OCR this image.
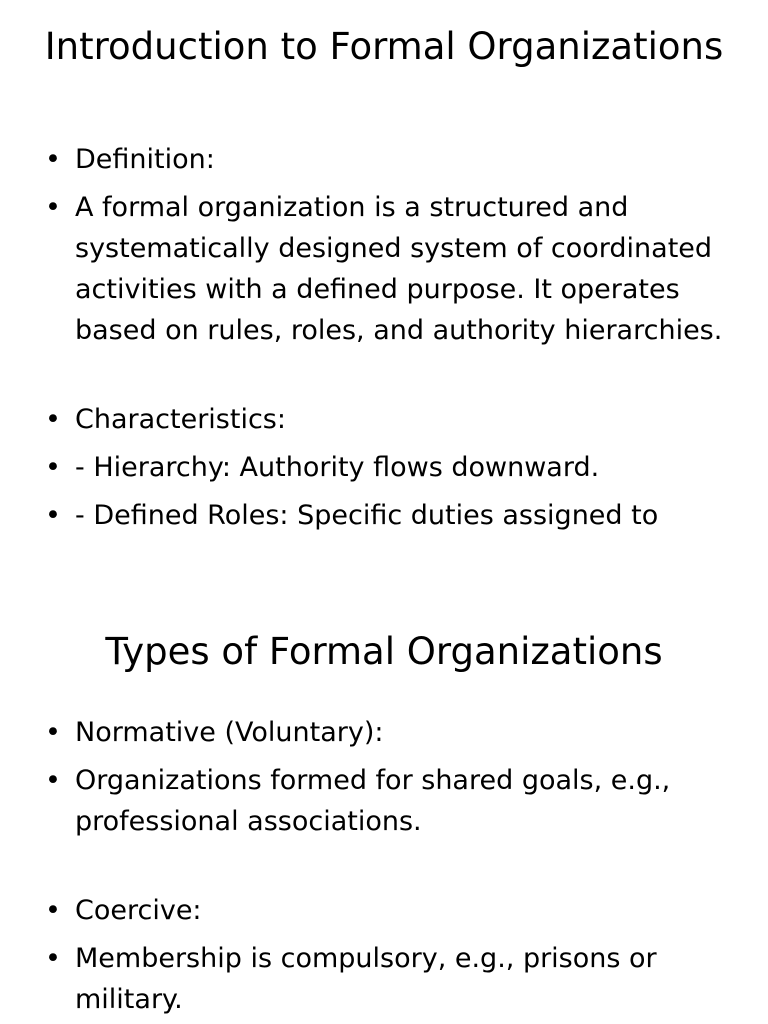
Introduction to Formal Organizations
• Definition:
• A formal organization is a structured and systematically designed system of coordinated activities with a defined purpose. It operates based on rules, roles, and authority hierarchies.
• Characteristics:
• - Hierarchy: Authority flows downward.
• - Defined Roles: Specific duties assigned to
Types of Formal Organizations
• Normative (Voluntary):
• Organizations formed for shared goals, e.g., professional associations.
• Coercive:
• Membership is compulsory, e.g., prisons or military.
